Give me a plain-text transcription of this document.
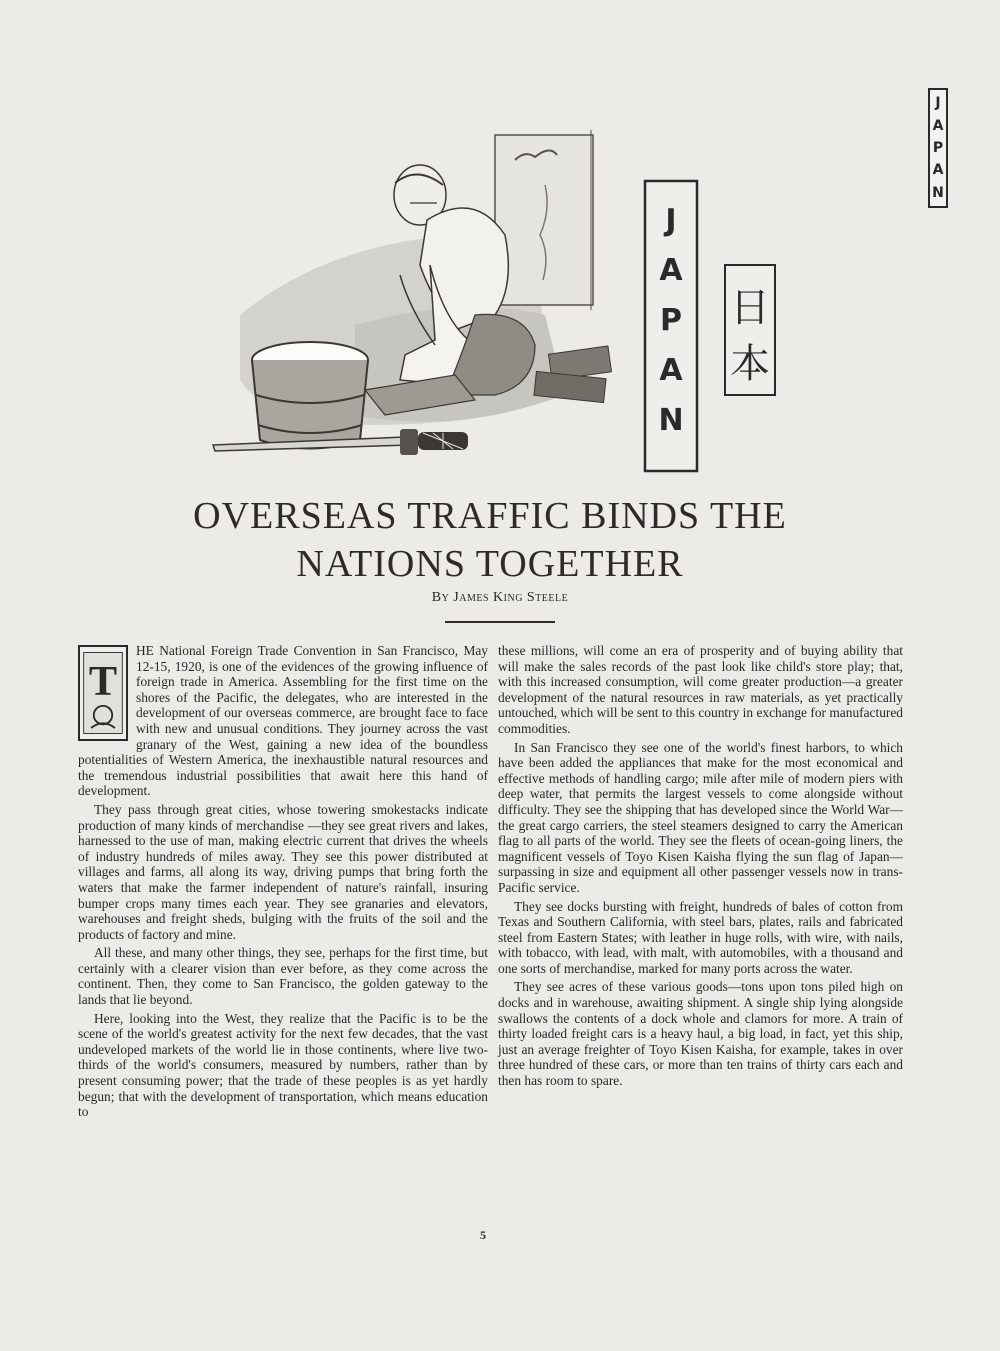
J
A
P
A
N
J
A
P
A
N
日
本
OVERSEAS TRAFFIC BINDS THE
NATIONS TOGETHER
By James King Steele
T

HE National Foreign Trade Convention in San Francisco, May 12-15, 1920, is one of the evidences of the growing influence of foreign trade in America. Assembling for the first time on the shores of the Pacific, the delegates, who are interested in the development of our overseas commerce, are brought face to face with new and unusual conditions. They journey across the vast granary of the West, gaining a new idea of the boundless potentialities of Western America, the inexhaustible natural resources and the tremendous industrial possibilities that await here this hand of development.

They pass through great cities, whose towering smokestacks indicate production of many kinds of merchandise —they see great rivers and lakes, harnessed to the use of man, making electric current that drives the wheels of industry hundreds of miles away. They see this power distributed at villages and farms, all along its way, driving pumps that bring forth the waters that make the farmer independent of nature's rainfall, insuring bumper crops many times each year. They see granaries and elevators, warehouses and freight sheds, bulging with the fruits of the soil and the products of factory and mine.

All these, and many other things, they see, perhaps for the first time, but certainly with a clearer vision than ever before, as they come across the continent. Then, they come to San Francisco, the golden gateway to the lands that lie beyond.

Here, looking into the West, they realize that the Pacific is to be the scene of the world's greatest activity for the next few decades, that the vast undeveloped markets of the world lie in those continents, where live two-thirds of the world's consumers, measured by numbers, rather than by present consuming power; that the trade of these peoples is as yet hardly begun; that with the development of transportation, which means education to

these millions, will come an era of prosperity and of buying ability that will make the sales records of the past look like child's store play; that, with this increased consumption, will come greater production—a greater development of the natural resources in raw materials, as yet practically untouched, which will be sent to this country in exchange for manufactured commodities.

In San Francisco they see one of the world's finest harbors, to which have been added the appliances that make for the most economical and effective methods of handling cargo; mile after mile of modern piers with deep water, that permits the largest vessels to come alongside without difficulty. They see the shipping that has developed since the World War—the great cargo carriers, the steel steamers designed to carry the American flag to all parts of the world. They see the fleets of ocean-going liners, the magnificent vessels of Toyo Kisen Kaisha flying the sun flag of Japan—surpassing in size and equipment all other passenger vessels now in trans-Pacific service.

They see docks bursting with freight, hundreds of bales of cotton from Texas and Southern California, with steel bars, plates, rails and fabricated steel from Eastern States; with leather in huge rolls, with wire, with nails, with tobacco, with lead, with malt, with automobiles, with a thousand and one sorts of merchandise, marked for many ports across the water.

They see acres of these various goods—tons upon tons piled high on docks and in warehouse, awaiting shipment. A single ship lying alongside swallows the contents of a dock whole and clamors for more. A train of thirty loaded freight cars is a heavy haul, a big load, in fact, yet this ship, just an average freighter of Toyo Kisen Kaisha, for example, takes in over three hundred of these cars, or more than ten trains of thirty cars each and then has room to spare.

5
